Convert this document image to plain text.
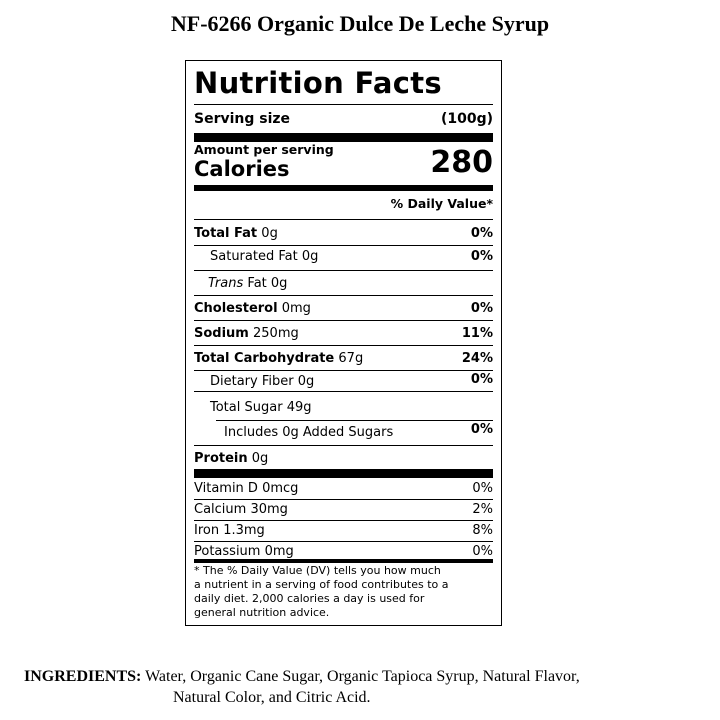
NF-6266 Organic Dulce De Leche Syrup
Nutrition Facts
Serving size	(100g)
Amount per serving
Calories	280
% Daily Value*
Total Fat 0g	0%
Saturated Fat 0g	0%
Trans Fat 0g
Cholesterol 0mg	0%
Sodium 250mg	11%
Total Carbohydrate 67g	24%
Dietary Fiber 0g	0%
Total Sugar 49g
Includes 0g Added Sugars	0%
Protein 0g
Vitamin D 0mcg	0%
Calcium 30mg	2%
Iron 1.3mg	8%
Potassium 0mg	0%
* The % Daily Value (DV) tells you how much
a nutrient in a serving of food contributes to a
daily diet. 2,000 calories a day is used for
general nutrition advice.
INGREDIENTS: Water, Organic Cane Sugar, Organic Tapioca Syrup, Natural Flavor,
Natural Color, and Citric Acid.
